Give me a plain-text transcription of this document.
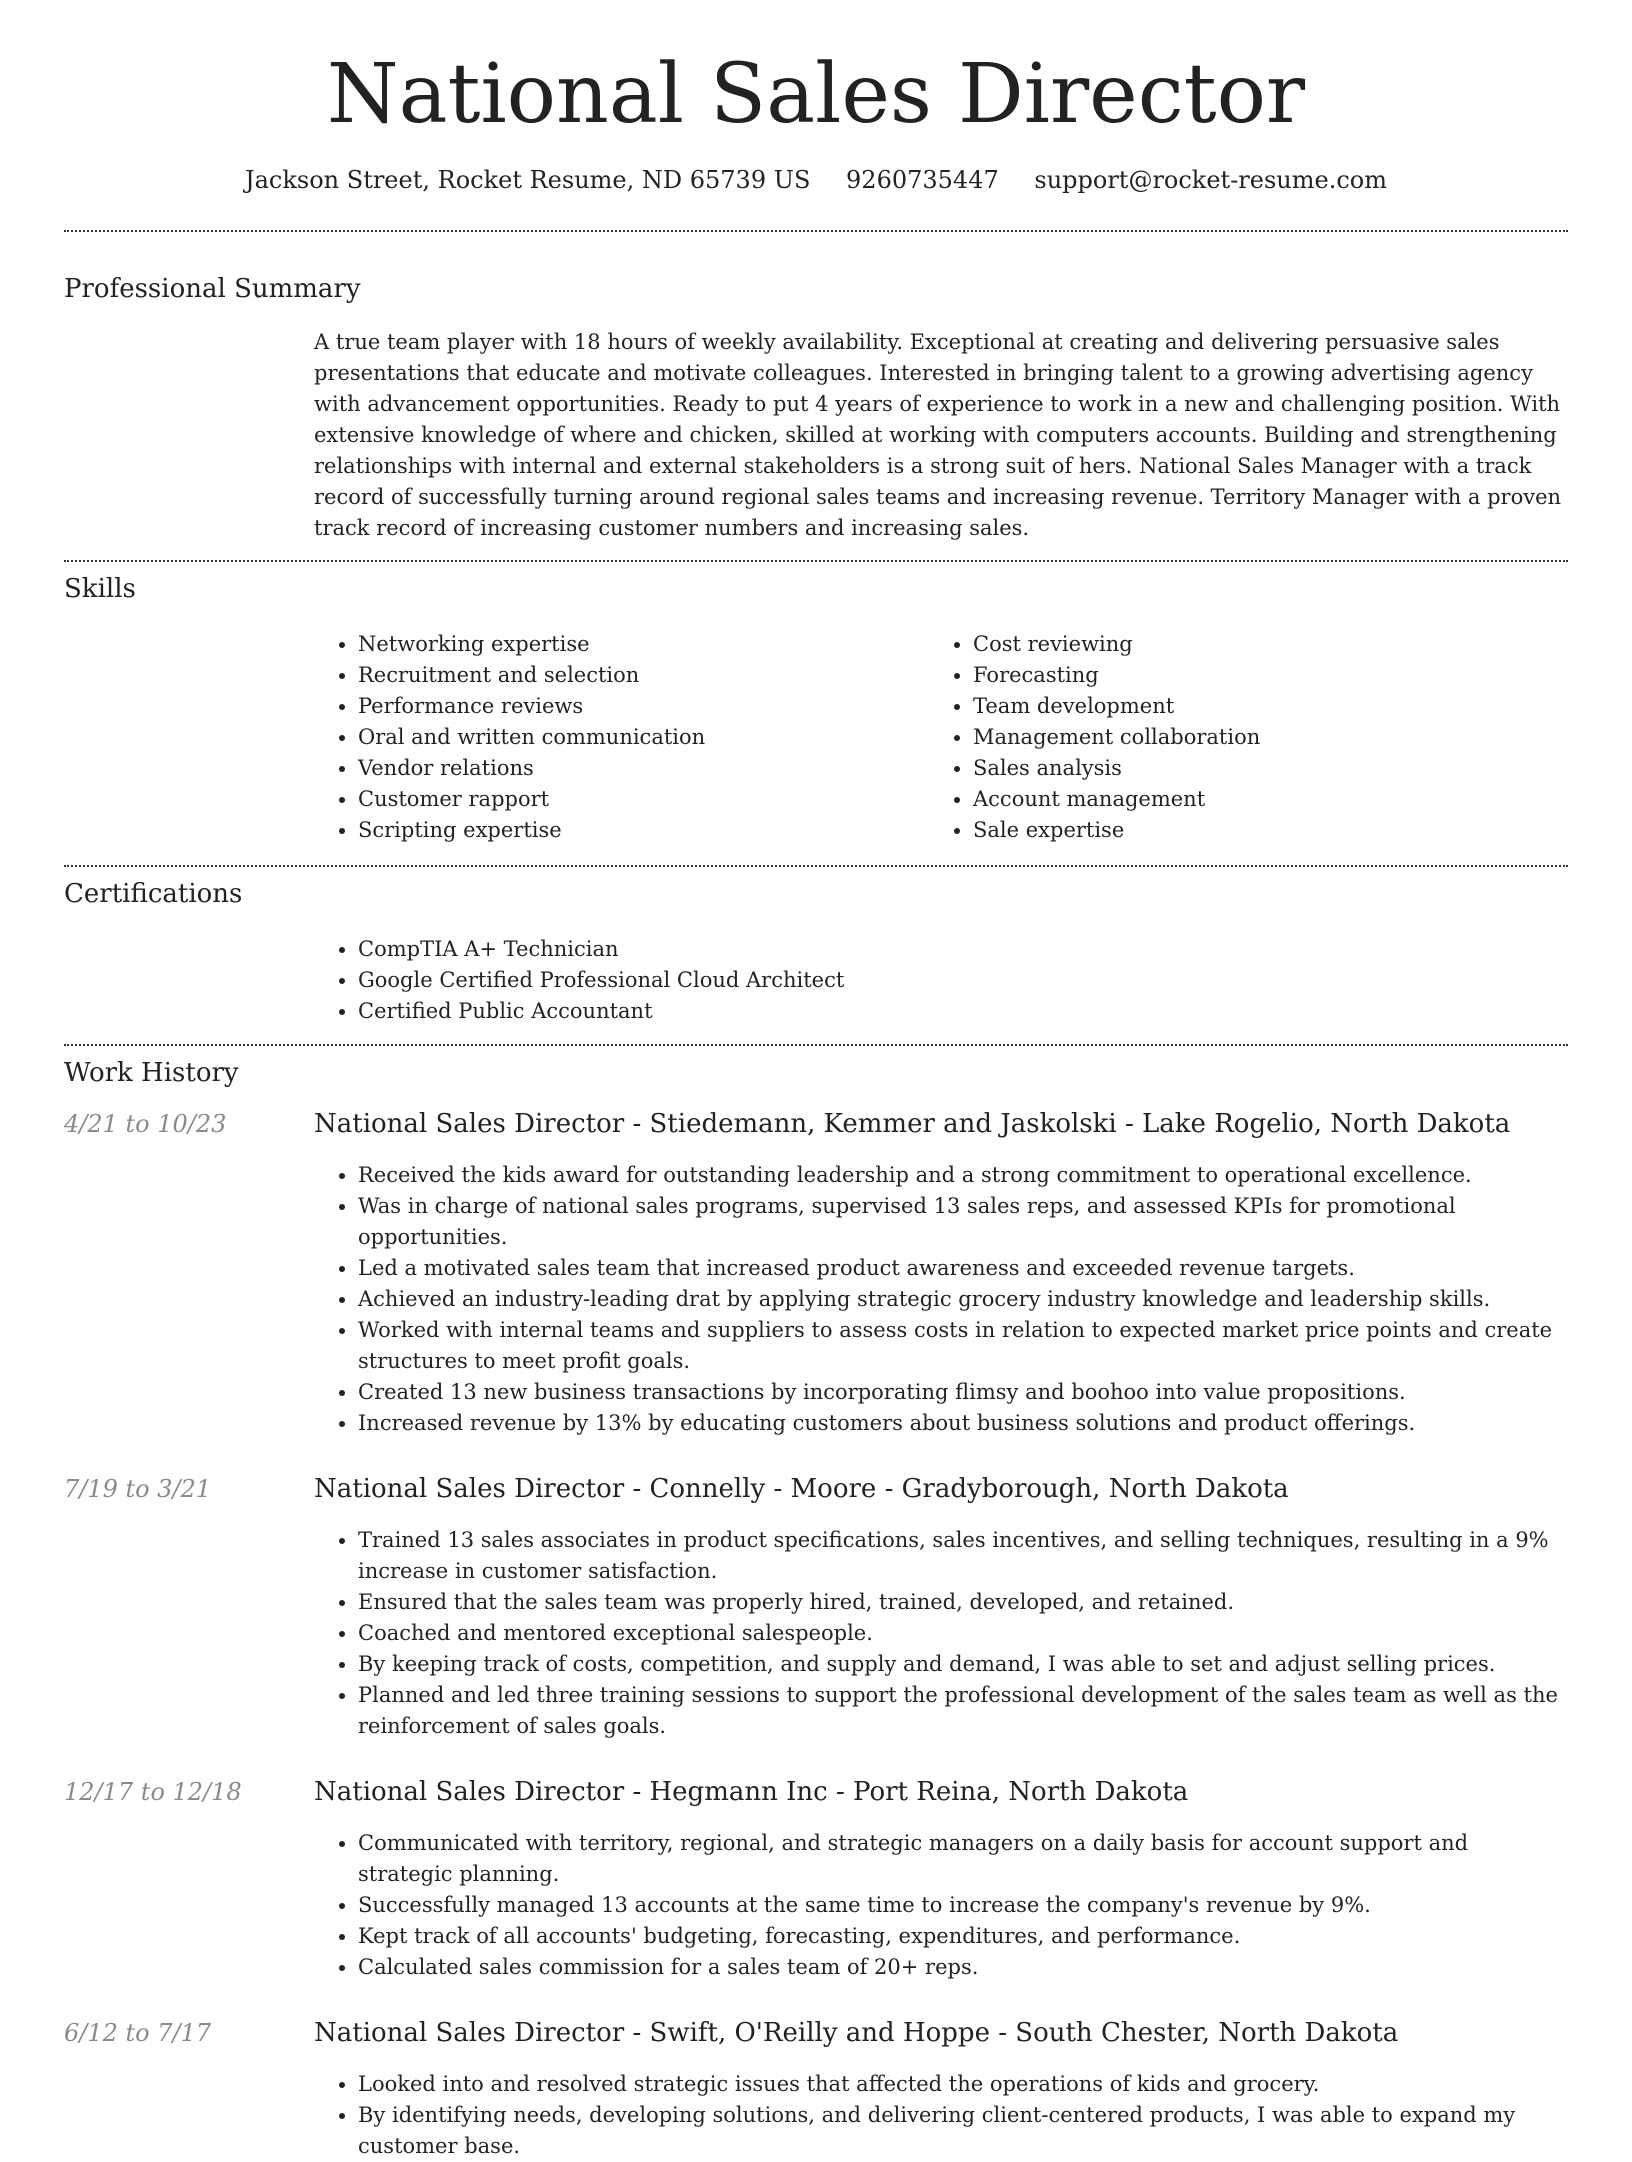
National Sales Director
Jackson Street, Rocket Resume, ND 65739 US 9260735447 support@rocket-resume.com
Professional Summary

A true team player with 18 hours of weekly availability. Exceptional at creating and delivering persuasive sales presentations that educate and motivate colleagues. Interested in bringing talent to a growing advertising agency with advancement opportunities. Ready to put 4 years of experience to work in a new and challenging position. With extensive knowledge of where and chicken, skilled at working with computers accounts. Building and strengthening relationships with internal and external stakeholders is a strong suit of hers. National Sales Manager with a track record of successfully turning around regional sales teams and increasing revenue. Territory Manager with a proven track record of increasing customer numbers and increasing sales.

Skills
• Networking expertise
• Recruitment and selection
• Performance reviews
• Oral and written communication
• Vendor relations
• Customer rapport
• Scripting expertise
• Cost reviewing
• Forecasting
• Team development
• Management collaboration
• Sales analysis
• Account management
• Sale expertise
Certifications
• CompTIA A+ Technician
• Google Certified Professional Cloud Architect
• Certified Public Accountant
Work History
4/21 to 10/23	National Sales Director - Stiedemann, Kemmer and Jaskolski - Lake Rogelio, North Dakota
• Received the kids award for outstanding leadership and a strong commitment to operational excellence.
• Was in charge of national sales programs, supervised 13 sales reps, and assessed KPIs for promotional opportunities.
• Led a motivated sales team that increased product awareness and exceeded revenue targets.
• Achieved an industry-leading drat by applying strategic grocery industry knowledge and leadership skills.
• Worked with internal teams and suppliers to assess costs in relation to expected market price points and create structures to meet profit goals.
• Created 13 new business transactions by incorporating flimsy and boohoo into value propositions.
• Increased revenue by 13% by educating customers about business solutions and product offerings.
7/19 to 3/21	National Sales Director - Connelly - Moore - Gradyborough, North Dakota
• Trained 13 sales associates in product specifications, sales incentives, and selling techniques, resulting in a 9% increase in customer satisfaction.
• Ensured that the sales team was properly hired, trained, developed, and retained.
• Coached and mentored exceptional salespeople.
• By keeping track of costs, competition, and supply and demand, I was able to set and adjust selling prices.
• Planned and led three training sessions to support the professional development of the sales team as well as the reinforcement of sales goals.
12/17 to 12/18	National Sales Director - Hegmann Inc - Port Reina, North Dakota
• Communicated with territory, regional, and strategic managers on a daily basis for account support and strategic planning.
• Successfully managed 13 accounts at the same time to increase the company's revenue by 9%.
• Kept track of all accounts' budgeting, forecasting, expenditures, and performance.
• Calculated sales commission for a sales team of 20+ reps.
6/12 to 7/17	National Sales Director - Swift, O'Reilly and Hoppe - South Chester, North Dakota
• Looked into and resolved strategic issues that affected the operations of kids and grocery.
• By identifying needs, developing solutions, and delivering client-centered products, I was able to expand my customer base.
